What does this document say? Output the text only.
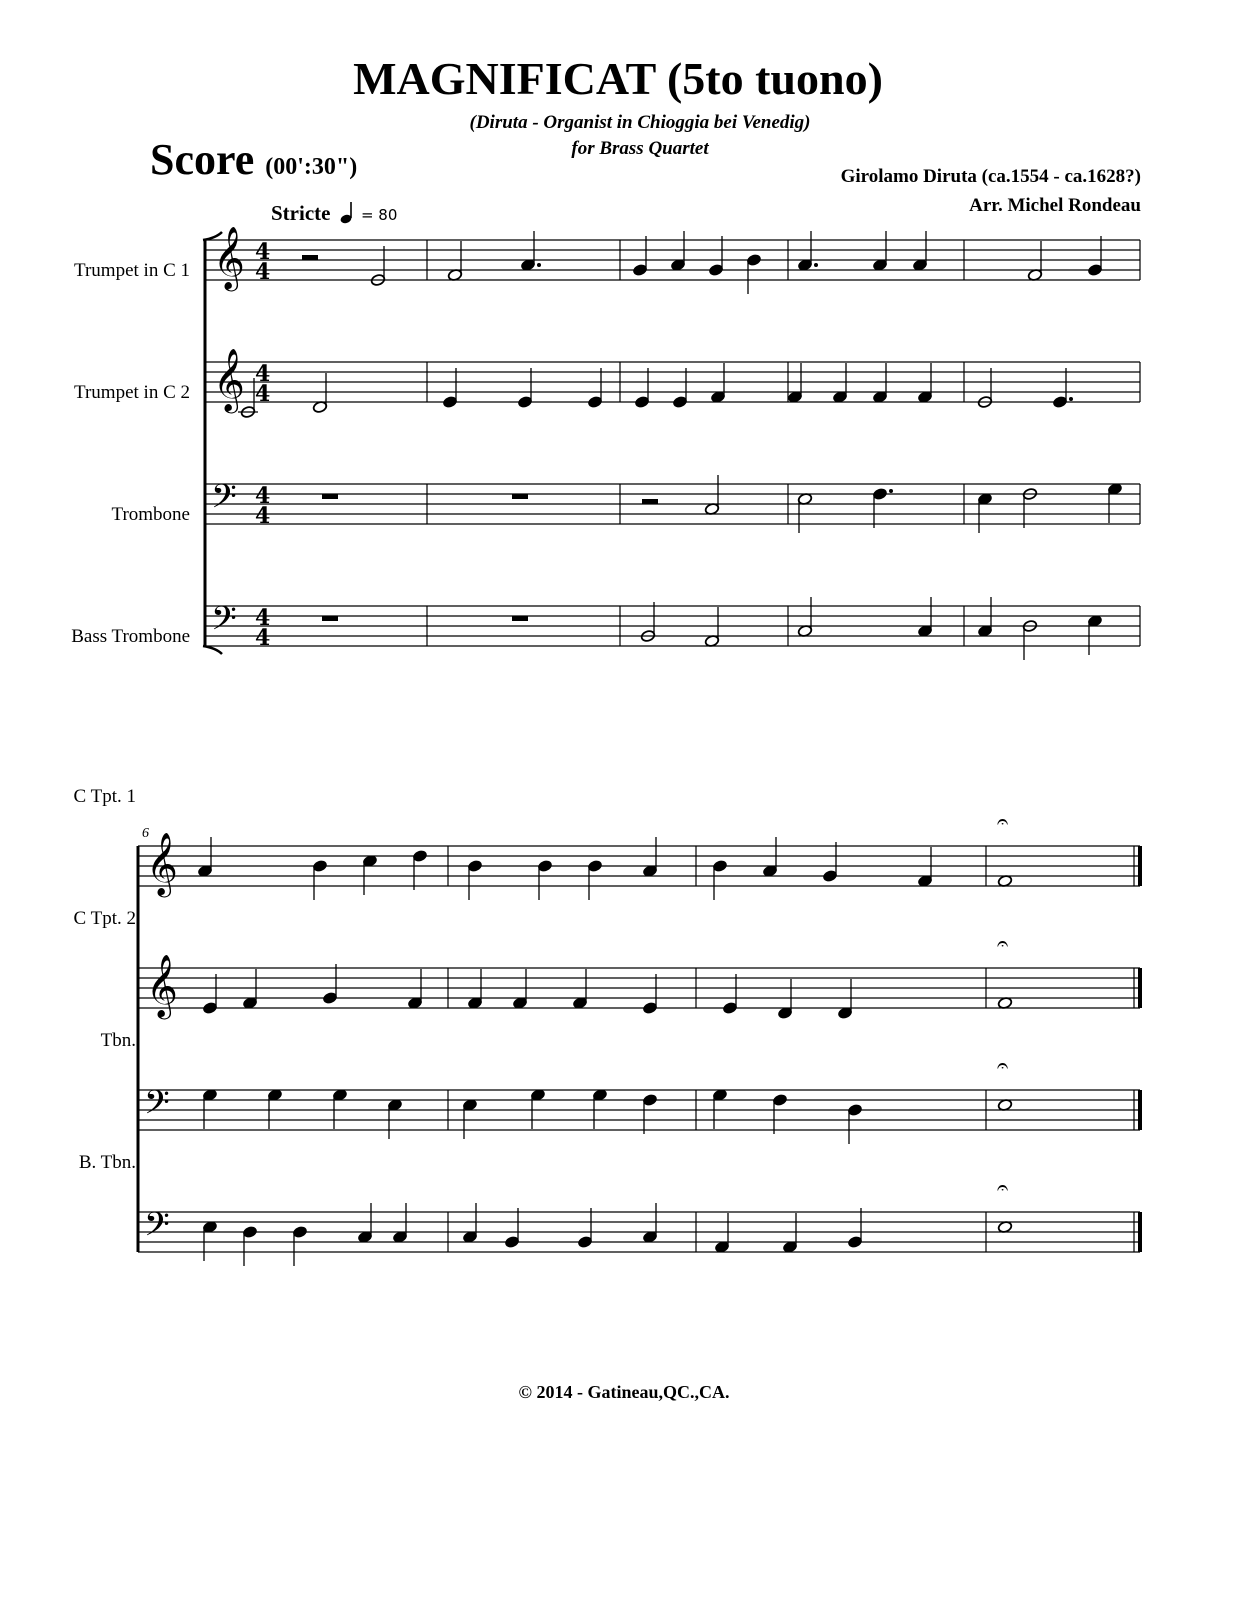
MAGNIFICAT (5to tuono)
(Diruta - Organist in Chioggia bei Venedig)
for Brass Quartet
Score (00':30")	Girolamo Diruta (ca.1554 - ca.1628?)
Arr. Michel Rondeau
Stricte = 80
Trumpet in C 1
Trumpet in C 2
Trombone
Bass Trombone
6
C Tpt. 1
C Tpt. 2
Tbn.
B. Tbn.
𝄞 4
4
𝄞 4
4
𝄢 4
4
𝄢 4
4
𝄞
𝄐
𝄞
𝄐
𝄢
𝄐
𝄢
𝄐
© 2014 - Gatineau,QC.,CA.
